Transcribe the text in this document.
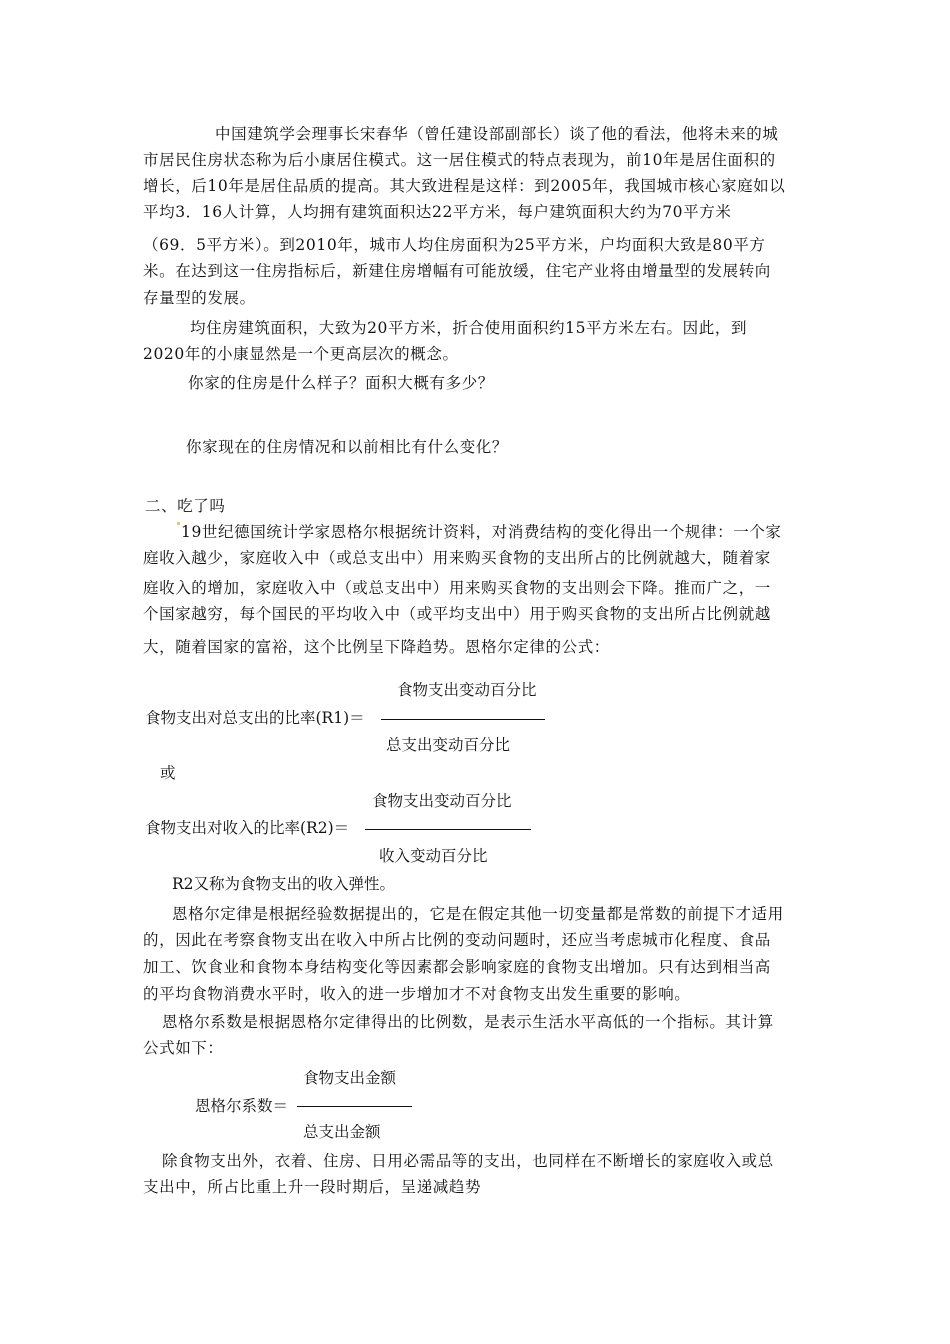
中国建筑学会理事长宋春华（曾任建设部副部长）谈了他的看法，他将未来的城
市居民住房状态称为后小康居住模式。这一居住模式的特点表现为，前10年是居住面积的
增长，后10年是居住品质的提高。其大致进程是这样：到2005年，我国城市核心家庭如以
平均3．16人计算，人均拥有建筑面积达22平方米，每户建筑面积大约为70平方米
（69．5平方米）。到2010年，城市人均住房面积为25平方米，户均面积大致是80平方
米。在达到这一住房指标后，新建住房增幅有可能放缓，住宅产业将由增量型的发展转向
存量型的发展。
均住房建筑面积，大致为20平方米，折合使用面积约15平方米左右。因此，到
2020年的小康显然是一个更高层次的概念。
你家的住房是什么样子？面积大概有多少？
你家现在的住房情况和以前相比有什么变化？
二、吃了吗
19世纪德国统计学家恩格尔根据统计资料，对消费结构的变化得出一个规律：一个家
庭收入越少，家庭收入中（或总支出中）用来购买食物的支出所占的比例就越大，随着家
庭收入的增加，家庭收入中（或总支出中）用来购买食物的支出则会下降。推而广之，一
个国家越穷，每个国民的平均收入中（或平均支出中）用于购买食物的支出所占比例就越
大，随着国家的富裕，这个比例呈下降趋势。恩格尔定律的公式：
食物支出变动百分比
食物支出对总支出的比率(R1)＝
总支出变动百分比
或
食物支出变动百分比
食物支出对收入的比率(R2)＝
收入变动百分比
R2又称为食物支出的收入弹性。
恩格尔定律是根据经验数据提出的，它是在假定其他一切变量都是常数的前提下才适用
的，因此在考察食物支出在收入中所占比例的变动问题时，还应当考虑城市化程度、食品
加工、饮食业和食物本身结构变化等因素都会影响家庭的食物支出增加。只有达到相当高
的平均食物消费水平时，收入的进一步增加才不对食物支出发生重要的影响。
恩格尔系数是根据恩格尔定律得出的比例数，是表示生活水平高低的一个指标。其计算
公式如下：
食物支出金额
恩格尔系数＝
总支出金额
除食物支出外，衣着、住房、日用必需品等的支出，也同样在不断增长的家庭收入或总
支出中，所占比重上升一段时期后，呈递减趋势
